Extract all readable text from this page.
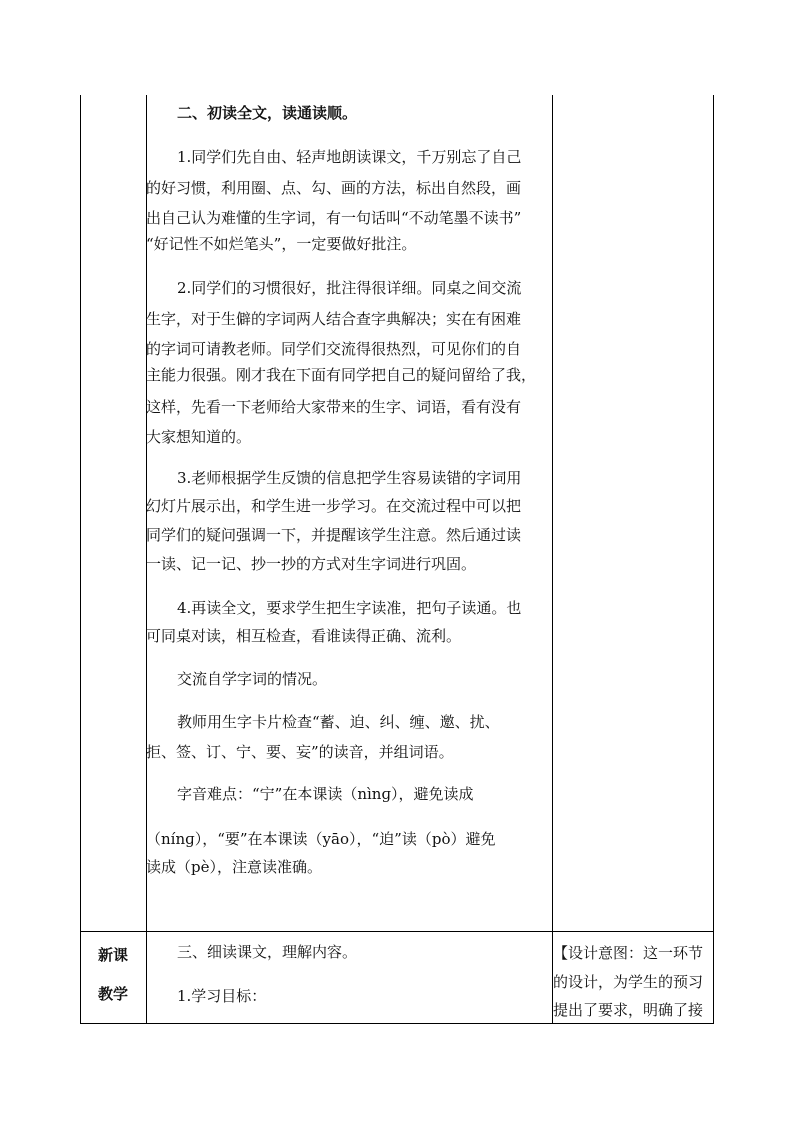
二、初读全文，读通读顺。
1.同学们先自由、轻声地朗读课文，千万别忘了自己
的好习惯，利用圈、点、勾、画的方法，标出自然段，画
出自己认为难懂的生字词，有一句话叫“不动笔墨不读书”
“好记性不如烂笔头”，一定要做好批注。
2.同学们的习惯很好，批注得很详细。同桌之间交流
生字，对于生僻的字词两人结合查字典解决；实在有困难
的字词可请教老师。同学们交流得很热烈，可见你们的自
主能力很强。刚才我在下面有同学把自己的疑问留给了我，
这样，先看一下老师给大家带来的生字、词语，看有没有
大家想知道的。
3.老师根据学生反馈的信息把学生容易读错的字词用
幻灯片展示出，和学生进一步学习。在交流过程中可以把
同学们的疑问强调一下，并提醒该学生注意。然后通过读
一读、记一记、抄一抄的方式对生字词进行巩固。
4.再读全文，要求学生把生字读准，把句子读通。也
可同桌对读，相互检查，看谁读得正确、流利。
交流自学字词的情况。
教师用生字卡片检查“蓄、迫、纠、缠、邀、扰、
拒、签、订、宁、要、妄”的读音，并组词语。
字音难点：“宁”在本课读（nìnɡ），避免读成
（nínɡ），“要”在本课读（yāo），“迫”读（pò）避免
读成（pè），注意读准确。
新课
教学
三、细读课文，理解内容。
1.学习目标：
【设计意图：这一环节
的设计，为学生的预习
提出了要求，明确了接
